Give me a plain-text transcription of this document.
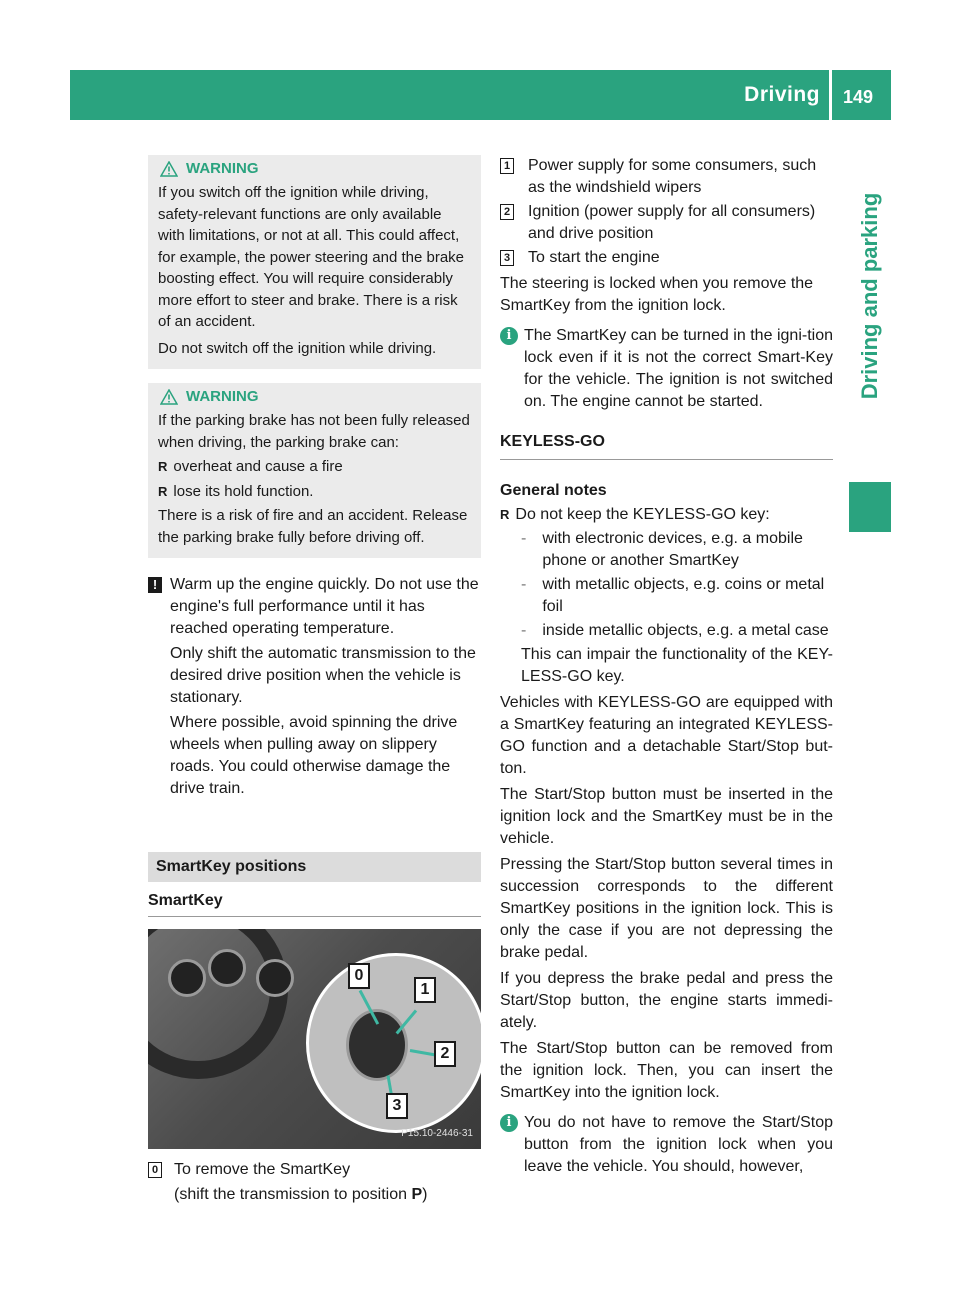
Driving 149
Driving and parking
WARNING

If you switch off the ignition while driving, safety-relevant functions are only available with limitations, or not at all. This could affect, for example, the power steering and the brake boosting effect. You will require considerably more effort to steer and brake. There is a risk of an accident.

Do not switch off the ignition while driving.

WARNING

If the parking brake has not been fully released when driving, the parking brake can:

R overheat and cause a fire
R lose its hold function.

There is a risk of fire and an accident. Release the parking brake fully before driving off.

! Warm up the engine quickly. Do not use the engine's full performance until it has reached operating temperature.

Only shift the automatic transmission to the desired drive position when the vehicle is stationary.

Where possible, avoid spinning the drive wheels when pulling away on slippery roads. You could otherwise damage the drive train.

SmartKey positions
SmartKey
0
1
2
3
P15.10-2446-31
0 To remove the SmartKey
(shift the transmission to position P)
1 Power supply for some consumers, such as the windshield wipers
2 Ignition (power supply for all consumers) and drive position
3 To start the engine

The steering is locked when you remove the SmartKey from the ignition lock.

i The SmartKey can be turned in the igni-tion lock even if it is not the correct Smart-Key for the vehicle. The ignition is not switched on. The engine cannot be started.
KEYLESS-GO
General notes
R Do not keep the KEYLESS-GO key:
- with electronic devices, e.g. a mobile phone or another SmartKey
- with metallic objects, e.g. coins or metal foil
- inside metallic objects, e.g. a metal case

This can impair the functionality of the KEY-LESS-GO key.

Vehicles with KEYLESS-GO are equipped with a SmartKey featuring an integrated KEYLESS-GO function and a detachable Start/Stop but-ton.

The Start/Stop button must be inserted in the ignition lock and the SmartKey must be in the vehicle.

Pressing the Start/Stop button several times in succession corresponds to the different SmartKey positions in the ignition lock. This is only the case if you are not depressing the brake pedal.

If you depress the brake pedal and press the Start/Stop button, the engine starts immedi-ately.

The Start/Stop button can be removed from the ignition lock. Then, you can insert the SmartKey into the ignition lock.

i You do not have to remove the Start/Stop button from the ignition lock when you leave the vehicle. You should, however,
